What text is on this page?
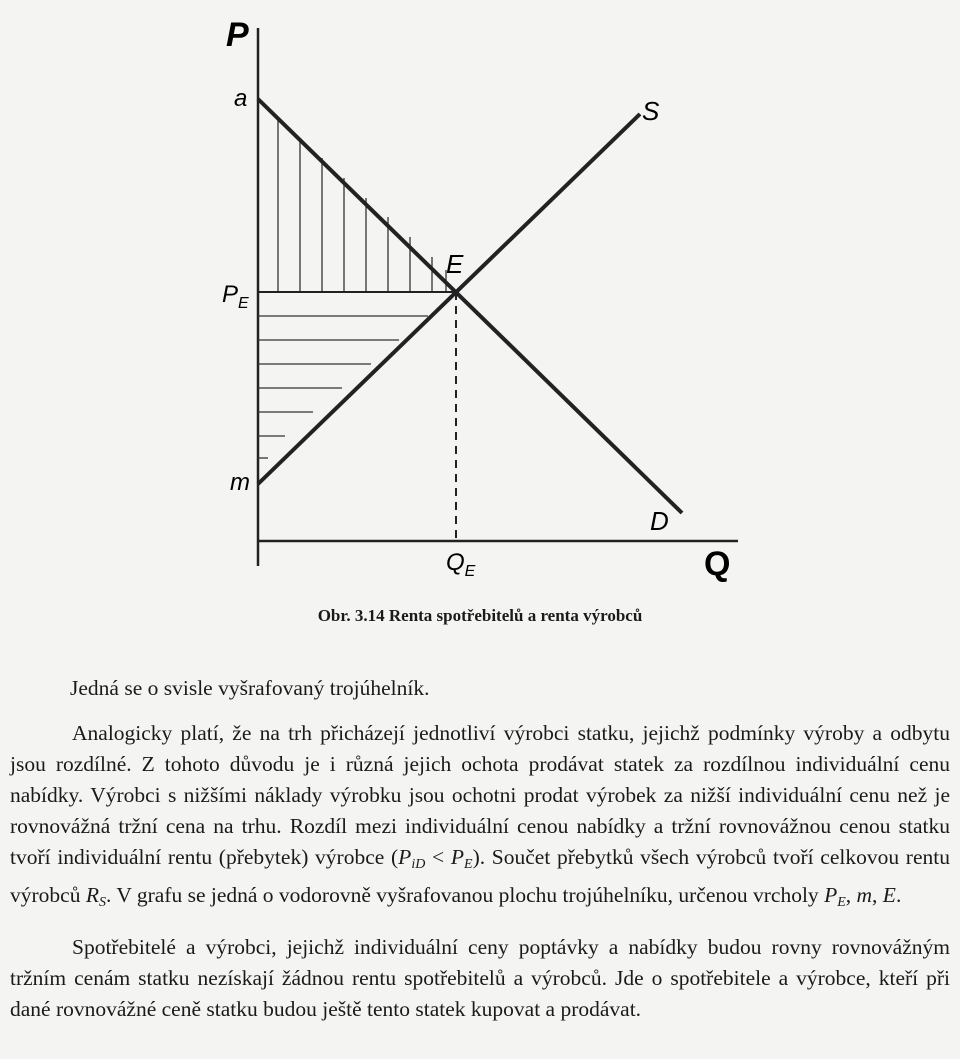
P
Q
a
m
E
S
D
$P_E$
$Q_E$
Obr. 3.14 Renta spotřebitelů a renta výrobců
Jedná se o svisle vyšrafovaný trojúhelník.
Analogicky platí, že na trh přicházejí jednotliví výrobci statku, jejichž podmínky výroby a odbytu jsou rozdílné. Z tohoto důvodu je i různá jejich ochota prodávat statek za rozdílnou individuální cenu nabídky. Výrobci s nižšími náklady výrobku jsou ochotni prodat výrobek za nižší individuální cenu než je rovnovážná tržní cena na trhu. Rozdíl mezi individuální cenou nabídky a tržní rovnovážnou cenou statku tvoří individuální rentu (přebytek) výrobce $(P_{iD} < P_E)$. Součet přebytků všech výrobců tvoří celkovou rentu výrobců $R_S$. V grafu se jedná o vodorovně vyšrafovanou plochu trojúhelníku, určenou vrcholy $P_E$, m, E.
Spotřebitelé a výrobci, jejichž individuální ceny poptávky a nabídky budou rovny rovnovážným tržním cenám statku nezískají žádnou rentu spotřebitelů a výrobců. Jde o spotřebitele a výrobce, kteří při dané rovnovážné ceně statku budou ještě tento statek kupovat a prodávat.
